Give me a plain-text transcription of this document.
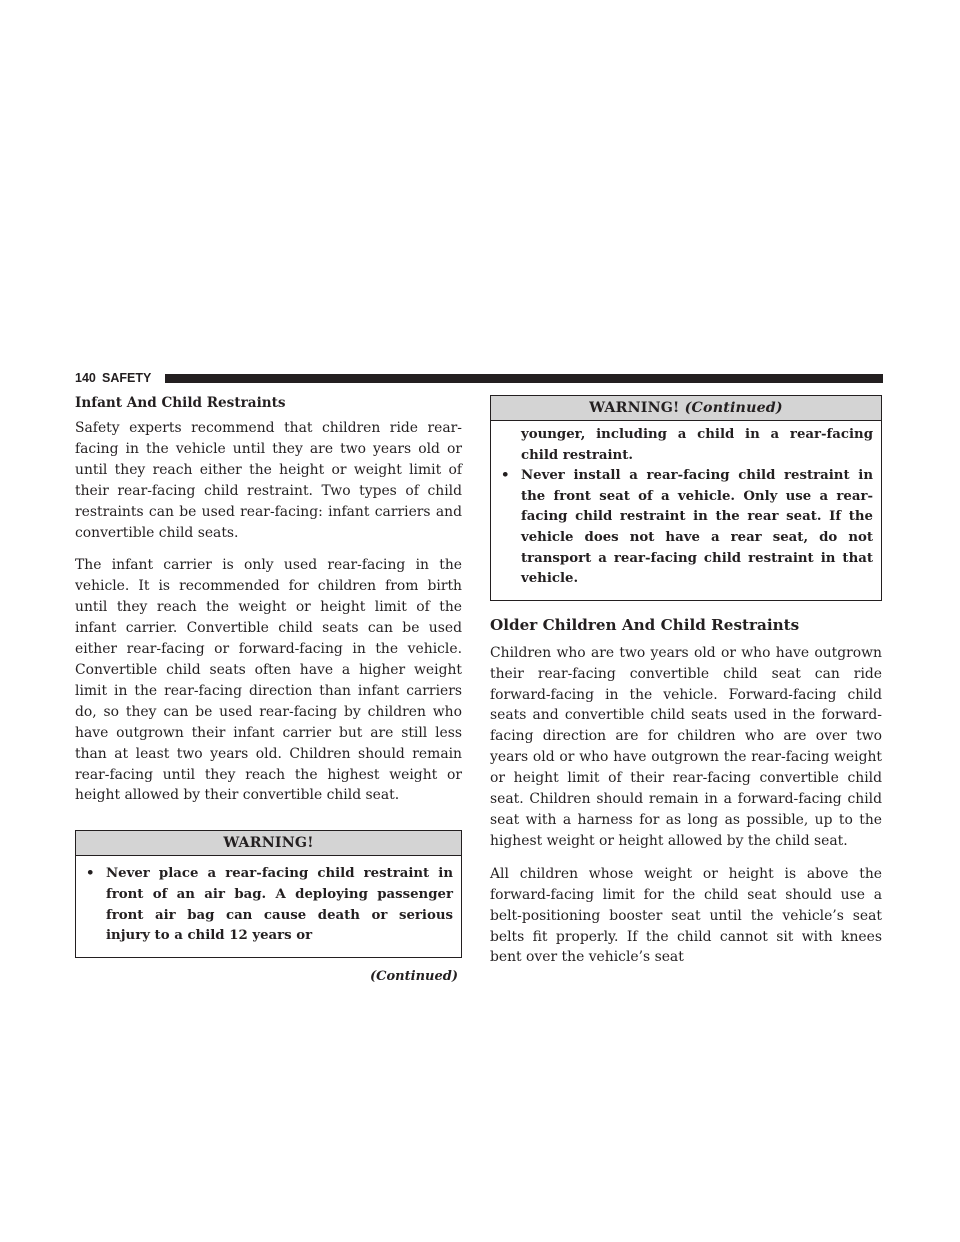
140 SAFETY
Infant And Child Restraints

Safety experts recommend that children ride rear-facing in the vehicle until they are two years old or until they reach either the height or weight limit of their rear-facing child restraint. Two types of child restraints can be used rear-facing: infant carriers and convertible child seats.

The infant carrier is only used rear-facing in the vehicle. It is recommended for children from birth until they reach the weight or height limit of the infant carrier. Convertible child seats can be used either rear-facing or forward-facing in the vehicle. Convertible child seats often have a higher weight limit in the rear-facing direction than infant carriers do, so they can be used rear-facing by children who have outgrown their infant carrier but are still less than at least two years old. Children should remain rear-facing until they reach the highest weight or height allowed by their convertible child seat.

WARNING!
• Never place a rear-facing child restraint in front of an air bag. A deploying passenger front air bag can cause death or serious injury to a child 12 years or
(Continued)
WARNING! (Continued)
younger, including a child in a rear-facing child restraint.
• Never install a rear-facing child restraint in the front seat of a vehicle. Only use a rear-facing child restraint in the rear seat. If the vehicle does not have a rear seat, do not transport a rear-facing child restraint in that vehicle.
Older Children And Child Restraints

Children who are two years old or who have outgrown their rear-facing convertible child seat can ride forward-facing in the vehicle. Forward-facing child seats and convertible child seats used in the forward-facing direction are for children who are over two years old or who have outgrown the rear-facing weight or height limit of their rear-facing convertible child seat. Children should remain in a forward-facing child seat with a harness for as long as possible, up to the highest weight or height allowed by the child seat.

All children whose weight or height is above the forward-facing limit for the child seat should use a belt-positioning booster seat until the vehicle’s seat belts fit properly. If the child cannot sit with knees bent over the vehicle’s seat
